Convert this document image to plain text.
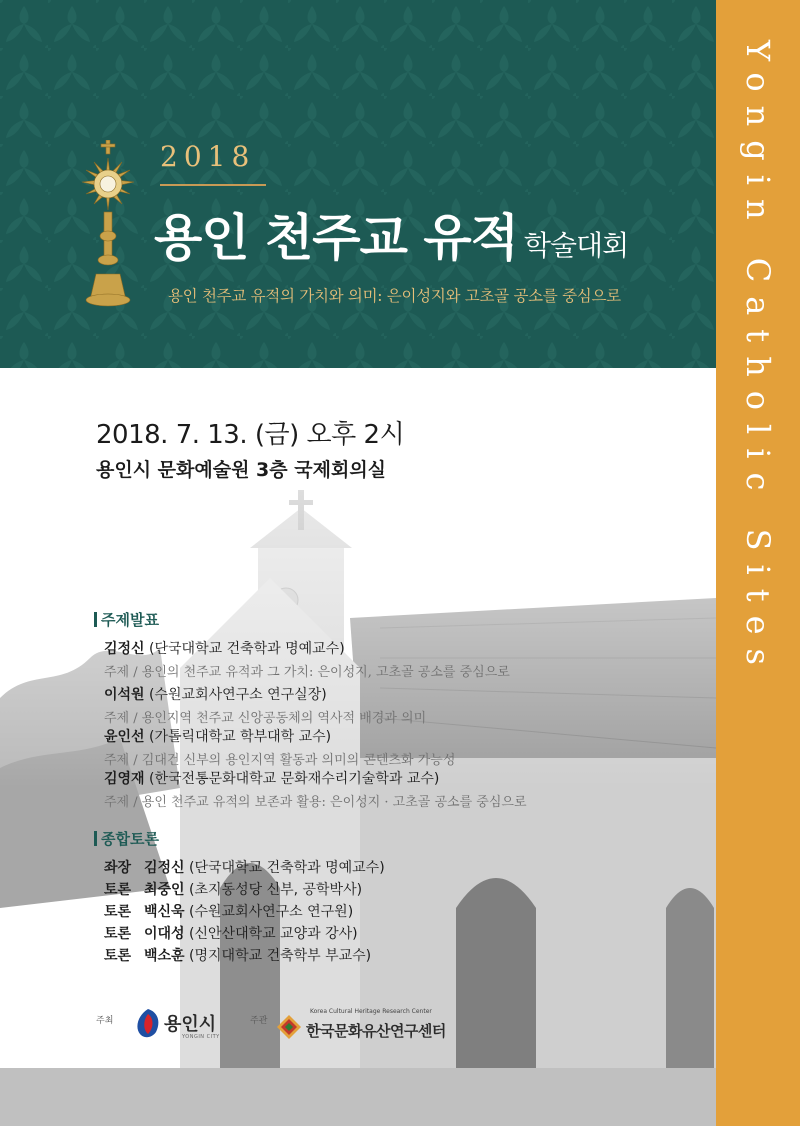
2018
용인 천주교 유적 학술대회
용인 천주교 유적의 가치와 의미: 은이성지와 고초골 공소를 중심으로	Yongin Catholic Sites
2018. 7. 13. (금) 오후 2시
용인시 문화예술원 3층 국제회의실
주제발표
김정신 (단국대학교 건축학과 명예교수)
주제 / 용인의 천주교 유적과 그 가치: 은이성지, 고초골 공소를 중심으로
이석원 (수원교회사연구소 연구실장)
주제 / 용인지역 천주교 신앙공동체의 역사적 배경과 의미
윤인선 (가톨릭대학교 학부대학 교수)
주제 / 김대건 신부의 용인지역 활동과 의미의 콘텐츠화 가능성
김영재 (한국전통문화대학교 문화재수리기술학과 교수)
주제 / 용인 천주교 유적의 보존과 활용: 은이성지 · 고초골 공소를 중심으로
종합토론
좌장 김정신 (단국대학교 건축학과 명예교수)
토론 최중인 (초지동성당 신부, 공학박사)
토론 백신욱 (수원교회사연구소 연구원)
토론 이대성 (신안산대학교 교양과 강사)
토론 백소훈 (명지대학교 건축학부 부교수)
주최	용인시
YONGIN CITY
주관
Korea Cultural Heritage Research Center
한국문화유산연구센터
